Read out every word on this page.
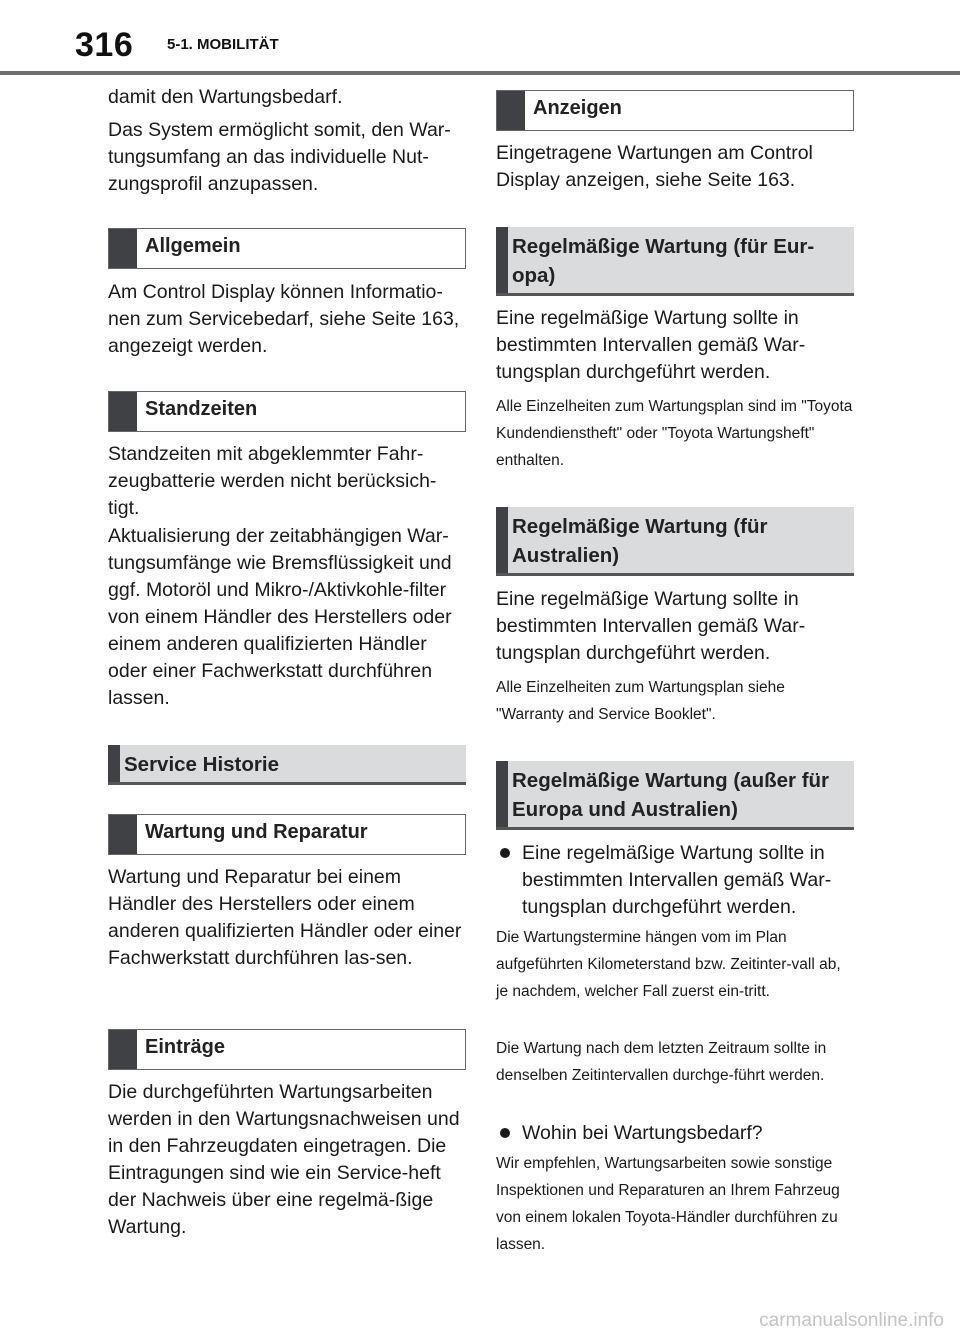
316 5-1. MOBILITÄT
damit den Wartungsbedarf.
Das System ermöglicht somit, den War-tungsumfang an das individuelle Nut-zungsprofil anzupassen.
Allgemein
Am Control Display können Informatio-nen zum Servicebedarf, siehe Seite 163, angezeigt werden.
Standzeiten
Standzeiten mit abgeklemmter Fahr-zeugbatterie werden nicht berücksich-tigt.
Aktualisierung der zeitabhängigen War-tungsumfänge wie Bremsflüssigkeit und ggf. Motoröl und Mikro-/Aktivkohle-filter von einem Händler des Herstellers oder einem anderen qualifizierten Händler oder einer Fachwerkstatt durchführen lassen.
Service Historie
Wartung und Reparatur
Wartung und Reparatur bei einem Händler des Herstellers oder einem anderen qualifizierten Händler oder einer Fachwerkstatt durchführen las-sen.
Einträge
Die durchgeführten Wartungsarbeiten werden in den Wartungsnachweisen und in den Fahrzeugdaten eingetragen. Die Eintragungen sind wie ein Service-heft der Nachweis über eine regelmä-ßige Wartung.
Anzeigen
Eingetragene Wartungen am Control Display anzeigen, siehe Seite 163.
Regelmäßige Wartung (für Eur-opa)
Eine regelmäßige Wartung sollte in bestimmten Intervallen gemäß War-tungsplan durchgeführt werden.
Alle Einzelheiten zum Wartungsplan sind im "Toyota Kundendienstheft" oder "Toyota Wartungsheft" enthalten.
Regelmäßige Wartung (für Australien)
Eine regelmäßige Wartung sollte in bestimmten Intervallen gemäß War-tungsplan durchgeführt werden.
Alle Einzelheiten zum Wartungsplan siehe "Warranty and Service Booklet".
Regelmäßige Wartung (außer für Europa und Australien)
Eine regelmäßige Wartung sollte in bestimmten Intervallen gemäß War-tungsplan durchgeführt werden.
Die Wartungstermine hängen vom im Plan aufgeführten Kilometerstand bzw. Zeitinter-vall ab, je nachdem, welcher Fall zuerst ein-tritt.
Die Wartung nach dem letzten Zeitraum sollte in denselben Zeitintervallen durchge-führt werden.
Wohin bei Wartungsbedarf?
Wir empfehlen, Wartungsarbeiten sowie sonstige Inspektionen und Reparaturen an Ihrem Fahrzeug von einem lokalen Toyota-Händler durchführen zu lassen.
carmanualsonline.info
